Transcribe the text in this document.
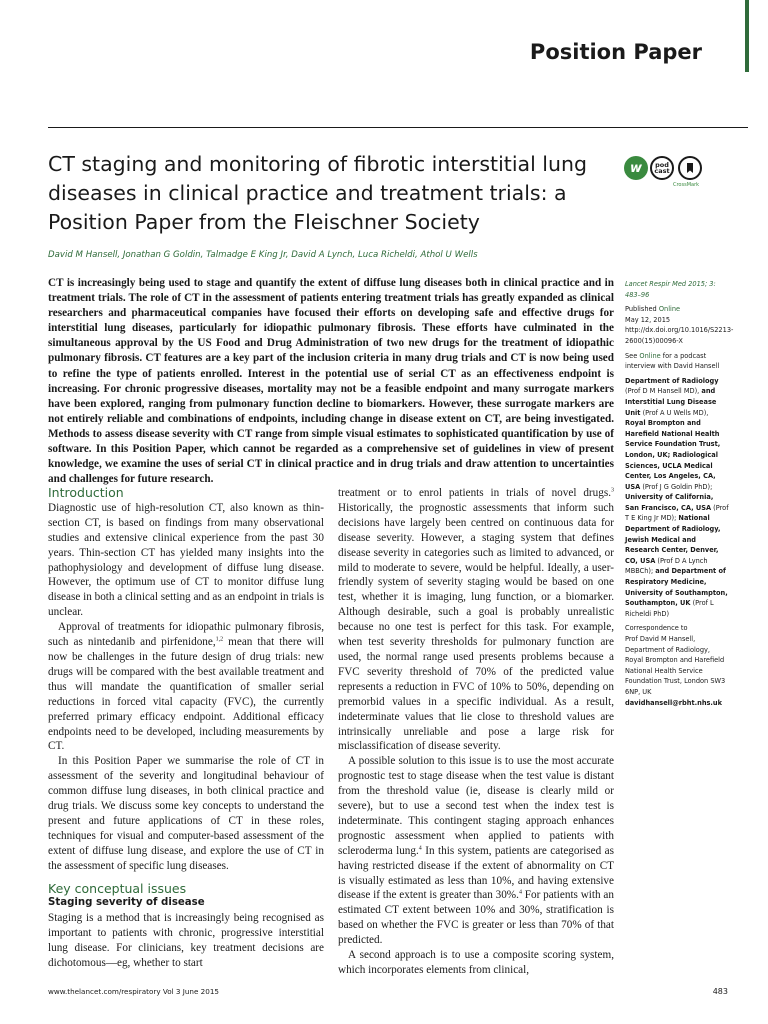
Position Paper
CT staging and monitoring of fibrotic interstitial lung diseases in clinical practice and treatment trials: a Position Paper from the Fleischner Society
w	pod cast
CrossMark
David M Hansell, Jonathan G Goldin, Talmadge E King Jr, David A Lynch, Luca Richeldi, Athol U Wells

CT is increasingly being used to stage and quantify the extent of diffuse lung diseases both in clinical practice and in treatment trials. The role of CT in the assessment of patients entering treatment trials has greatly expanded as clinical researchers and pharmaceutical companies have focused their efforts on developing safe and effective drugs for interstitial lung diseases, particularly for idiopathic pulmonary fibrosis. These efforts have culminated in the simultaneous approval by the US Food and Drug Administration of two new drugs for the treatment of idiopathic pulmonary fibrosis. CT features are a key part of the inclusion criteria in many drug trials and CT is now being used to refine the type of patients enrolled. Interest in the potential use of serial CT as an effectiveness endpoint is increasing. For chronic progressive diseases, mortality may not be a feasible endpoint and many surrogate markers have been explored, ranging from pulmonary function decline to biomarkers. However, these surrogate markers are not entirely reliable and combinations of endpoints, including change in disease extent on CT, are being investigated. Methods to assess disease severity with CT range from simple visual estimates to sophisticated quantification by use of software. In this Position Paper, which cannot be regarded as a comprehensive set of guidelines in view of present knowledge, we examine the uses of serial CT in clinical practice and in drug trials and draw attention to uncertainties and challenges for future research.

Introduction

Diagnostic use of high-resolution CT, also known as thin-section CT, is based on findings from many observational studies and extensive clinical experience from the past 30 years. Thin-section CT has yielded many insights into the pathophysiology and development of diffuse lung disease. However, the optimum use of CT to monitor diffuse lung disease in both a clinical setting and as an endpoint in trials is unclear.

Approval of treatments for idiopathic pulmonary fibrosis, such as nintedanib and pirfenidone,$^{1,2}$ mean that there will now be challenges in the future design of drug trials: new drugs will be compared with the best available treatment and thus will mandate the quantification of smaller serial reductions in forced vital capacity (FVC), the currently preferred primary efficacy endpoint. Additional efficacy endpoints need to be developed, including measurements by CT.

In this Position Paper we summarise the role of CT in assessment of the severity and longitudinal behaviour of common diffuse lung diseases, in both clinical practice and drug trials. We discuss some key concepts to understand the present and future applications of CT in these roles, techniques for visual and computer-based assessment of the extent of diffuse lung disease, and explore the use of CT in the assessment of specific lung diseases.

Key conceptual issues
Staging severity of disease

Staging is a method that is increasingly being recognised as important to patients with chronic, progressive interstitial lung disease. For clinicians, key treatment decisions are dichotomous—eg, whether to start

treatment or to enrol patients in trials of novel drugs.$^3$ Historically, the prognostic assessments that inform such decisions have largely been centred on continuous data for disease severity. However, a staging system that defines disease severity in categories such as limited to advanced, or mild to moderate to severe, would be helpful. Ideally, a user-friendly system of severity staging would be based on one test, whether it is imaging, lung function, or a biomarker. Although desirable, such a goal is probably unrealistic because no one test is perfect for this task. For example, when test severity thresholds for pulmonary function are used, the normal range used presents problems because a FVC severity threshold of 70% of the predicted value represents a reduction in FVC of 10% to 50%, depending on premorbid values in a specific individual. As a result, indeterminate values that lie close to threshold values are intrinsically unreliable and pose a large risk for misclassification of disease severity.

A possible solution to this issue is to use the most accurate prognostic test to stage disease when the test value is distant from the threshold value (ie, disease is clearly mild or severe), but to use a second test when the index test is indeterminate. This contingent staging approach enhances prognostic assessment when applied to patients with scleroderma lung.$^4$ In this system, patients are categorised as having restricted disease if the extent of abnormality on CT is visually estimated as less than 10%, and having extensive disease if the extent is greater than 30%.$^4$ For patients with an estimated CT extent between 10% and 30%, stratification is based on whether the FVC is greater or less than 70% of that predicted.

A second approach is to use a composite scoring system, which incorporates elements from clinical,

Lancet Respir Med 2015; 3: 483–96
Published Online
May 12, 2015
http://dx.doi.org/10.1016/S2213-2600(15)00096-X
See Online for a podcast interview with David Hansell
Department of Radiology (Prof D M Hansell MD), and Interstitial Lung Disease Unit (Prof A U Wells MD), Royal Brompton and Harefield National Health Service Foundation Trust, London, UK; Radiological Sciences, UCLA Medical Center, Los Angeles, CA, USA (Prof J G Goldin PhD); University of California, San Francisco, CA, USA (Prof T E King Jr MD); National Department of Radiology, Jewish Medical and Research Center, Denver, CO, USA (Prof D A Lynch MBBCh); and Department of Respiratory Medicine, University of Southampton, Southampton, UK (Prof L Richeldi PhD)
Correspondence to
Prof David M Hansell, Department of Radiology, Royal Brompton and Harefield National Health Service Foundation Trust, London SW3 6NP, UK
davidhansell@rbht.nhs.uk
www.thelancet.com/respiratory Vol 3 June 2015	483
